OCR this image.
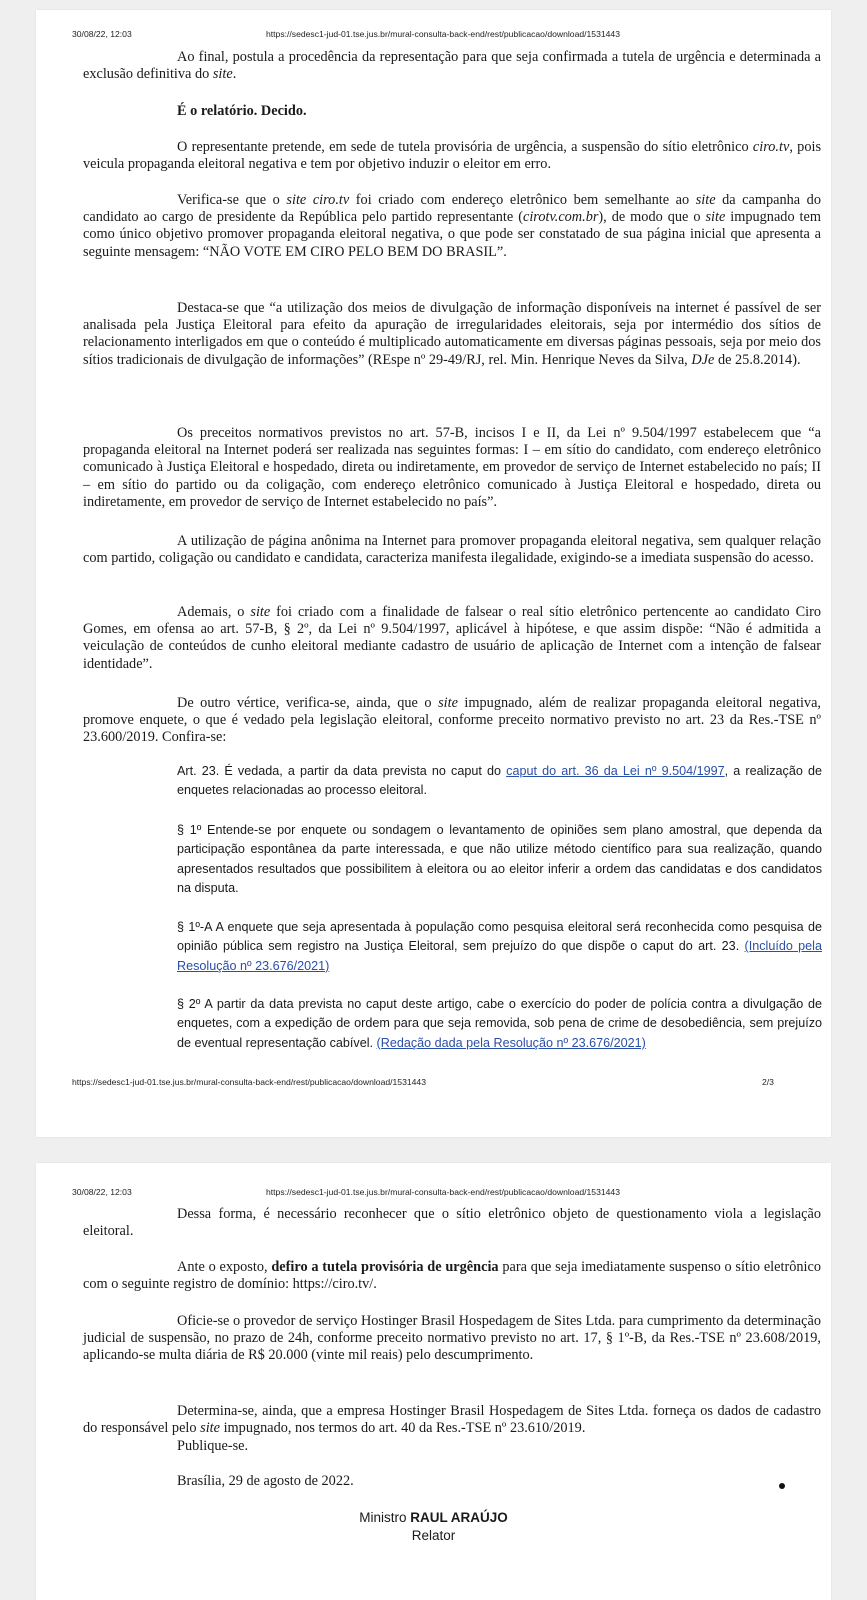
30/08/22, 12:03	https://sedesc1-jud-01.tse.jus.br/mural-consulta-back-end/rest/publicacao/download/1531443

Ao final, postula a procedência da representação para que seja confirmada a tutela de urgência e determinada a exclusão definitiva do site.

É o relatório. Decido.

O representante pretende, em sede de tutela provisória de urgência, a suspensão do sítio eletrônico ciro.tv, pois veicula propaganda eleitoral negativa e tem por objetivo induzir o eleitor em erro.

Verifica-se que o site ciro.tv foi criado com endereço eletrônico bem semelhante ao site da campanha do candidato ao cargo de presidente da República pelo partido representante (cirotv.com.br), de modo que o site impugnado tem como único objetivo promover propaganda eleitoral negativa, o que pode ser constatado de sua página inicial que apresenta a seguinte mensagem: “NÃO VOTE EM CIRO PELO BEM DO BRASIL”.

Destaca-se que “a utilização dos meios de divulgação de informação disponíveis na internet é passível de ser analisada pela Justiça Eleitoral para efeito da apuração de irregularidades eleitorais, seja por intermédio dos sítios de relacionamento interligados em que o conteúdo é multiplicado automaticamente em diversas páginas pessoais, seja por meio dos sítios tradicionais de divulgação de informações” (REspe nº 29-49/RJ, rel. Min. Henrique Neves da Silva, DJe de 25.8.2014).

Os preceitos normativos previstos no art. 57-B, incisos I e II, da Lei nº 9.504/1997 estabelecem que “a propaganda eleitoral na Internet poderá ser realizada nas seguintes formas: I – em sítio do candidato, com endereço eletrônico comunicado à Justiça Eleitoral e hospedado, direta ou indiretamente, em provedor de serviço de Internet estabelecido no país; II – em sítio do partido ou da coligação, com endereço eletrônico comunicado à Justiça Eleitoral e hospedado, direta ou indiretamente, em provedor de serviço de Internet estabelecido no país”.

A utilização de página anônima na Internet para promover propaganda eleitoral negativa, sem qualquer relação com partido, coligação ou candidato e candidata, caracteriza manifesta ilegalidade, exigindo-se a imediata suspensão do acesso.

Ademais, o site foi criado com a finalidade de falsear o real sítio eletrônico pertencente ao candidato Ciro Gomes, em ofensa ao art. 57-B, § 2º, da Lei nº 9.504/1997, aplicável à hipótese, e que assim dispõe: “Não é admitida a veiculação de conteúdos de cunho eleitoral mediante cadastro de usuário de aplicação de Internet com a intenção de falsear identidade”.

De outro vértice, verifica-se, ainda, que o site impugnado, além de realizar propaganda eleitoral negativa, promove enquete, o que é vedado pela legislação eleitoral, conforme preceito normativo previsto no art. 23 da Res.-TSE nº 23.600/2019. Confira-se:

Art. 23. É vedada, a partir da data prevista no caput do caput do art. 36 da Lei nº 9.504/1997, a realização de enquetes relacionadas ao processo eleitoral.

§ 1º Entende-se por enquete ou sondagem o levantamento de opiniões sem plano amostral, que dependa da participação espontânea da parte interessada, e que não utilize método científico para sua realização, quando apresentados resultados que possibilitem à eleitora ou ao eleitor inferir a ordem das candidatas e dos candidatos na disputa.

§ 1º-A A enquete que seja apresentada à população como pesquisa eleitoral será reconhecida como pesquisa de opinião pública sem registro na Justiça Eleitoral, sem prejuízo do que dispõe o caput do art. 23. (Incluído pela Resolução nº 23.676/2021)

§ 2º A partir da data prevista no caput deste artigo, cabe o exercício do poder de polícia contra a divulgação de enquetes, com a expedição de ordem para que seja removida, sob pena de crime de desobediência, sem prejuízo de eventual representação cabível. (Redação dada pela Resolução nº 23.676/2021)

https://sedesc1-jud-01.tse.jus.br/mural-consulta-back-end/rest/publicacao/download/1531443	2/3
30/08/22, 12:03	https://sedesc1-jud-01.tse.jus.br/mural-consulta-back-end/rest/publicacao/download/1531443

Dessa forma, é necessário reconhecer que o sítio eletrônico objeto de questionamento viola a legislação eleitoral.

Ante o exposto, defiro a tutela provisória de urgência para que seja imediatamente suspenso o sítio eletrônico com o seguinte registro de domínio: https://ciro.tv/.

Oficie-se o provedor de serviço Hostinger Brasil Hospedagem de Sites Ltda. para cumprimento da determinação judicial de suspensão, no prazo de 24h, conforme preceito normativo previsto no art. 17, § 1º-B, da Res.-TSE nº 23.608/2019, aplicando-se multa diária de R$ 20.000 (vinte mil reais) pelo descumprimento.

Determina-se, ainda, que a empresa Hostinger Brasil Hospedagem de Sites Ltda. forneça os dados de cadastro do responsável pelo site impugnado, nos termos do art. 40 da Res.-TSE nº 23.610/2019.

Publique-se.
Brasília, 29 de agosto de 2022.
Ministro RAUL ARAÚJO
Relator
